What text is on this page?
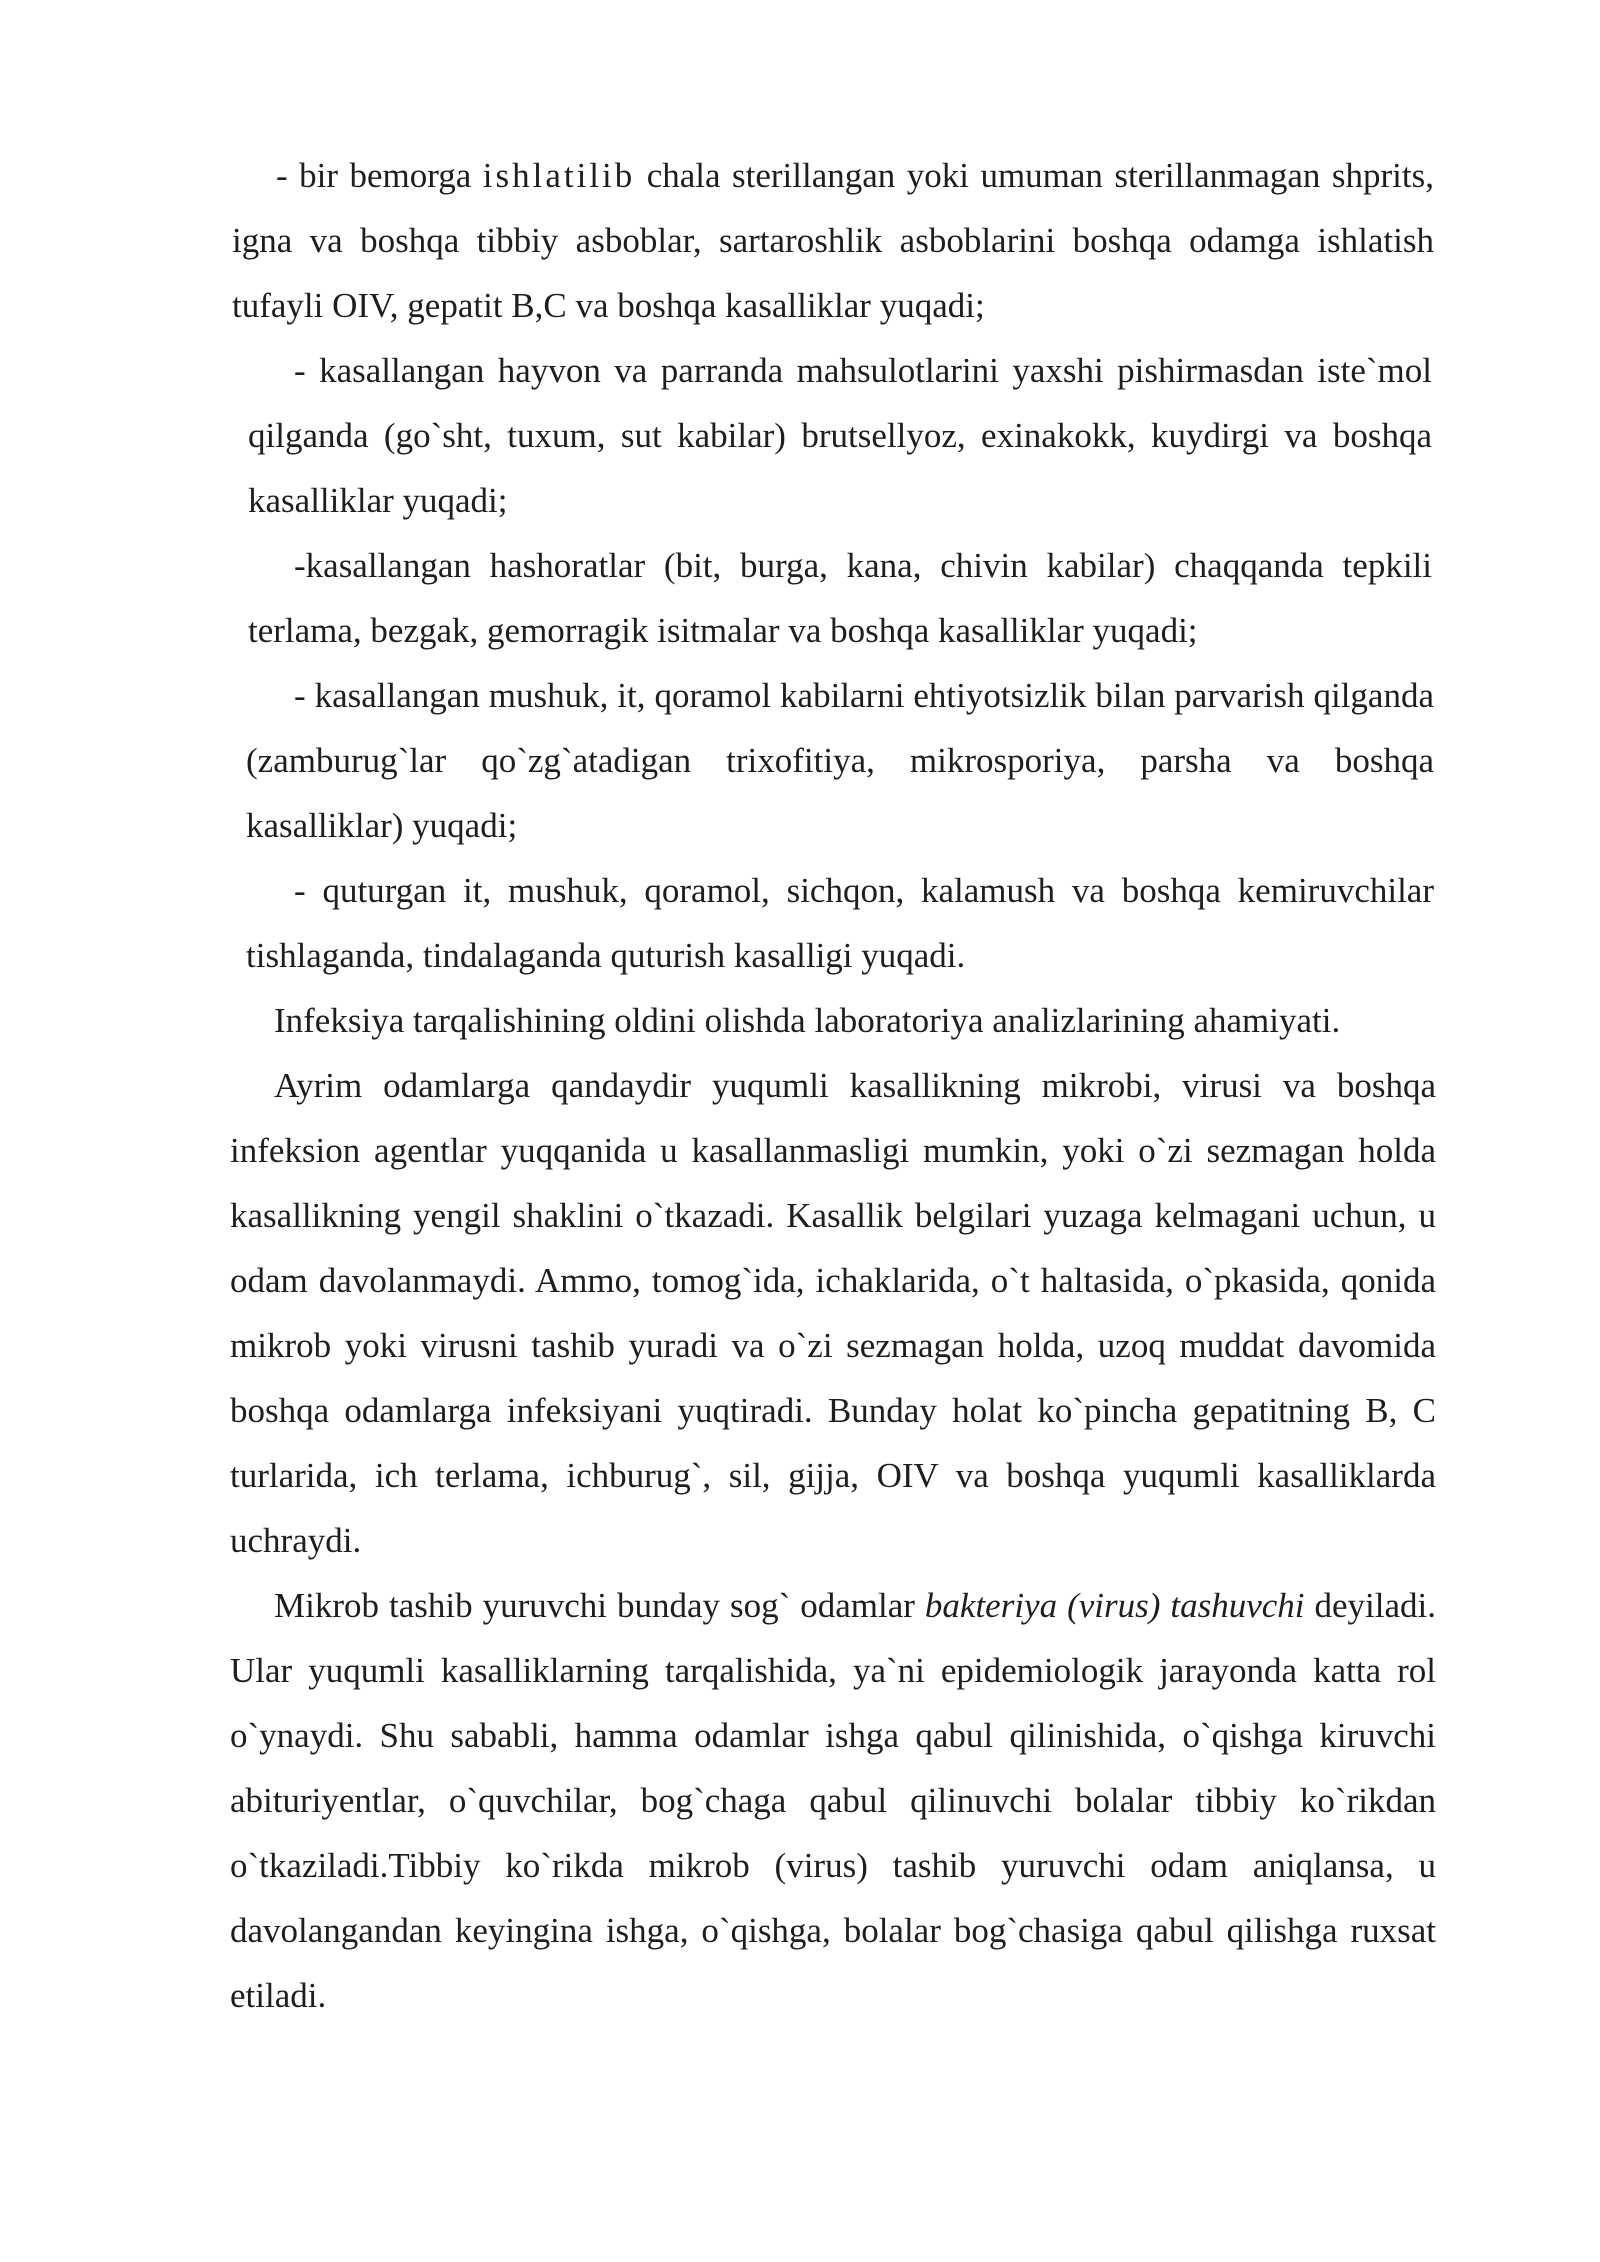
- bir bemorga ishlatilib chala sterillangan yoki umuman sterillanmagan shprits, igna va boshqa tibbiy asboblar, sartaroshlik asboblarini boshqa odamga ishlatish tufayli OIV, gepatit B,C va boshqa kasalliklar yuqadi;

- kasallangan hayvon va parranda mahsulotlarini yaxshi pishirmasdan iste`mol qilganda (go`sht, tuxum, sut kabilar) brutsellyoz, exinakokk, kuydirgi va boshqa kasalliklar yuqadi;

-kasallangan hashoratlar (bit, burga, kana, chivin kabilar) chaqqanda tepkili terlama, bezgak, gemorragik isitmalar va boshqa kasalliklar yuqadi;

- kasallangan mushuk, it, qoramol kabilarni ehtiyotsizlik bilan parvarish qilganda (zamburug`lar qo`zg`atadigan trixofitiya, mikrosporiya, parsha va boshqa kasalliklar) yuqadi;

- quturgan it, mushuk, qoramol, sichqon, kalamush va boshqa kemiruvchilar tishlaganda, tindalaganda quturish kasalligi yuqadi.

Infeksiya tarqalishining oldini olishda laboratoriya analizlarining ahamiyati.

Ayrim odamlarga qandaydir yuqumli kasallikning mikrobi, virusi va boshqa infeksion agentlar yuqqanida u kasallanmasligi mumkin, yoki o`zi sezmagan holda kasallikning yengil shaklini o`tkazadi. Kasallik belgilari yuzaga kelmagani uchun, u odam davolanmaydi. Ammo, tomog`ida, ichaklarida, o`t haltasida, o`pkasida, qonida mikrob yoki virusni tashib yuradi va o`zi sezmagan holda, uzoq muddat davomida boshqa odamlarga infeksiyani yuqtiradi. Bunday holat ko`pincha gepatitning B, C turlarida, ich terlama, ichburug`, sil, gijja, OIV va boshqa yuqumli kasalliklarda uchraydi.

Mikrob tashib yuruvchi bunday sog` odamlar bakteriya (virus) tashuvchi deyiladi. Ular yuqumli kasalliklarning tarqalishida, ya`ni epidemiologik jarayonda katta rol o`ynaydi. Shu sababli, hamma odamlar ishga qabul qilinishida, o`qishga kiruvchi abituriyentlar, o`quvchilar, bog`chaga qabul qilinuvchi bolalar tibbiy ko`rikdan o`tkaziladi.Tibbiy ko`rikda mikrob (virus) tashib yuruvchi odam aniqlansa, u davolangandan keyingina ishga, o`qishga, bolalar bog`chasiga qabul qilishga ruxsat etiladi.
